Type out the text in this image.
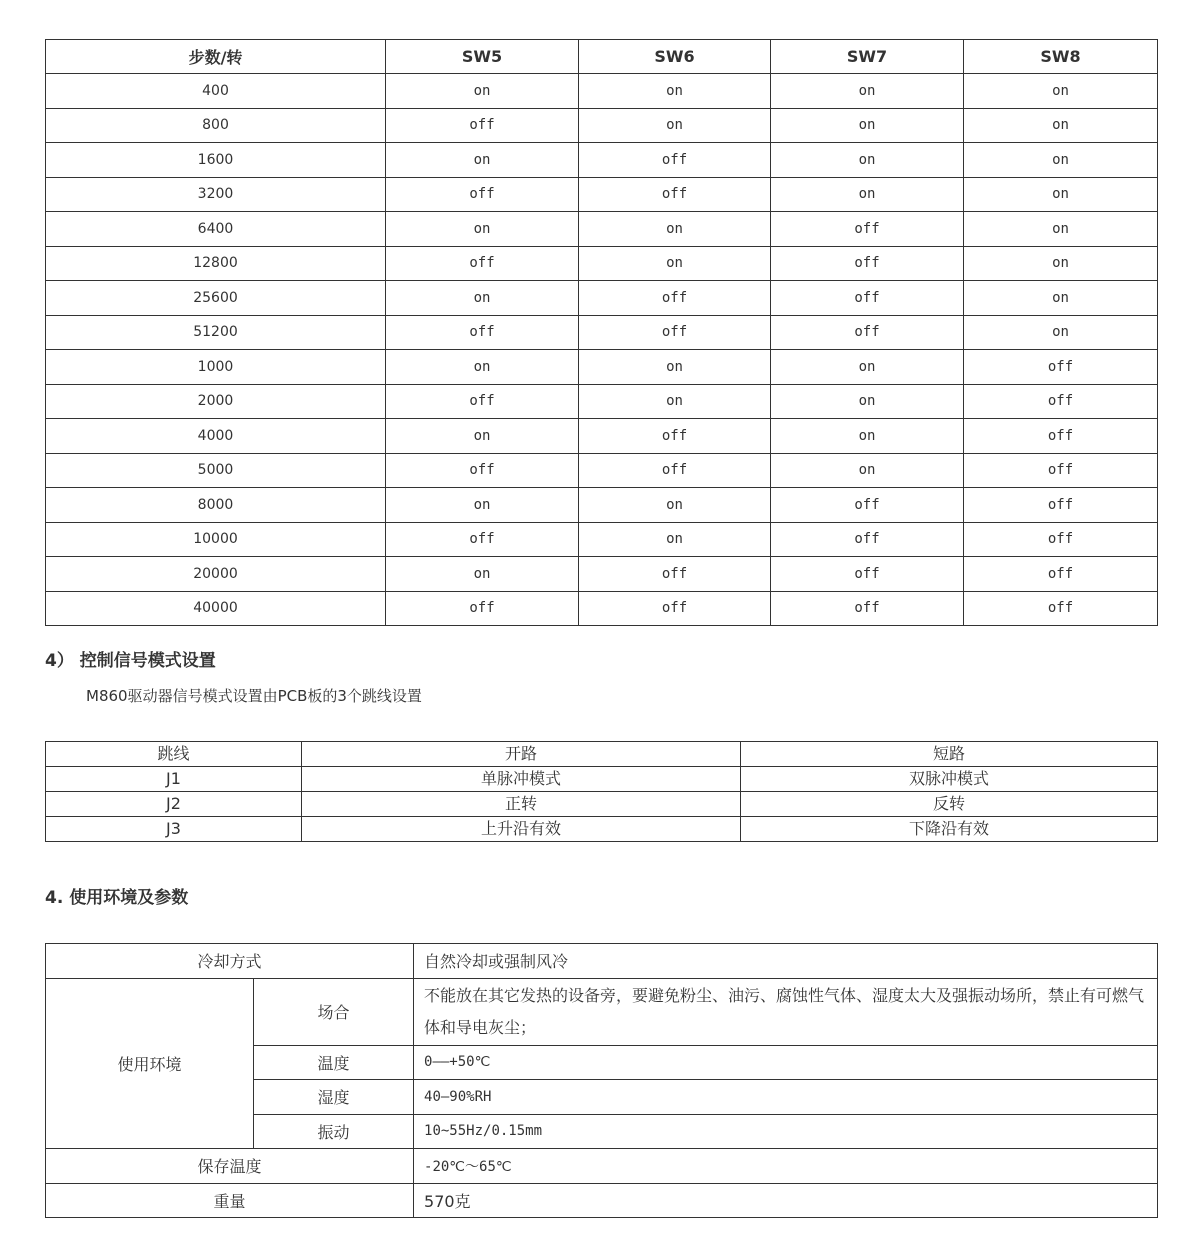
步数/转	SW5	SW6	SW7	SW8
400	on	on	on	on
800	off	on	on	on
1600	on	off	on	on
3200	off	off	on	on
6400	on	on	off	on
12800	off	on	off	on
25600	on	off	off	on
51200	off	off	off	on
1000	on	on	on	off
2000	off	on	on	off
4000	on	off	on	off
5000	off	off	on	off
8000	on	on	off	off
10000	off	on	off	off
20000	on	off	off	off
40000	off	off	off	off
4） 控制信号模式设置
M860驱动器信号模式设置由PCB板的3个跳线设置
跳线	开路	短路
J1	单脉冲模式	双脉冲模式
J2	正转	反转
J3	上升沿有效	下降沿有效
4. 使用环境及参数
冷却方式		自然冷却或强制风冷
使用环境	场合	不能放在其它发热的设备旁，要避免粉尘、油污、腐蚀性气体、湿度太大及强振动场所，禁止有可燃气体和导电灰尘；
	温度	0——+50℃
	湿度	40—90%RH
	振动	10~55Hz/0.15mm
保存温度		-20℃～65℃
重量		570克
